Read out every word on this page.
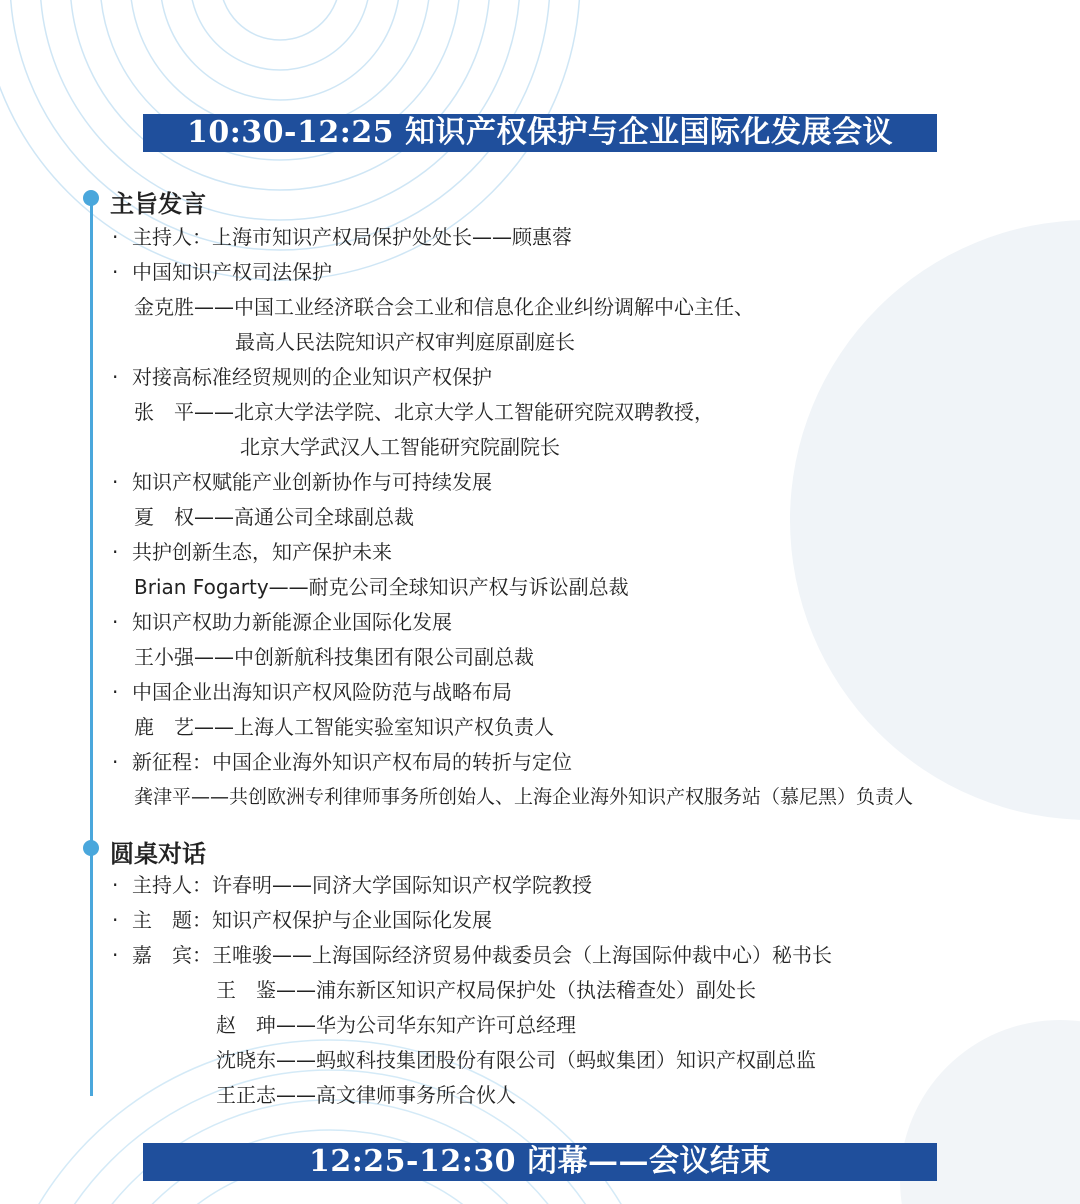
10:30-12:25 知识产权保护与企业国际化发展会议
主旨发言
· 主持人：上海市知识产权局保护处处长——顾惠蓉
· 中国知识产权司法保护
金克胜——中国工业经济联合会工业和信息化企业纠纷调解中心主任、
最高人民法院知识产权审判庭原副庭长
· 对接高标准经贸规则的企业知识产权保护
张　平——北京大学法学院、北京大学人工智能研究院双聘教授，
北京大学武汉人工智能研究院副院长
· 知识产权赋能产业创新协作与可持续发展
夏　权——高通公司全球副总裁
· 共护创新生态，知产保护未来
Brian Fogarty——耐克公司全球知识产权与诉讼副总裁
· 知识产权助力新能源企业国际化发展
王小强——中创新航科技集团有限公司副总裁
· 中国企业出海知识产权风险防范与战略布局
鹿　艺——上海人工智能实验室知识产权负责人
· 新征程：中国企业海外知识产权布局的转折与定位
龚津平——共创欧洲专利律师事务所创始人、上海企业海外知识产权服务站（慕尼黑）负责人
圆桌对话
· 主持人：许春明——同济大学国际知识产权学院教授
· 主　题：知识产权保护与企业国际化发展
· 嘉　宾：王唯骏——上海国际经济贸易仲裁委员会（上海国际仲裁中心）秘书长
王　鉴——浦东新区知识产权局保护处（执法稽查处）副处长
赵　珅——华为公司华东知产许可总经理
沈晓东——蚂蚁科技集团股份有限公司（蚂蚁集团）知识产权副总监
王正志——高文律师事务所合伙人
12:25-12:30 闭幕——会议结束
